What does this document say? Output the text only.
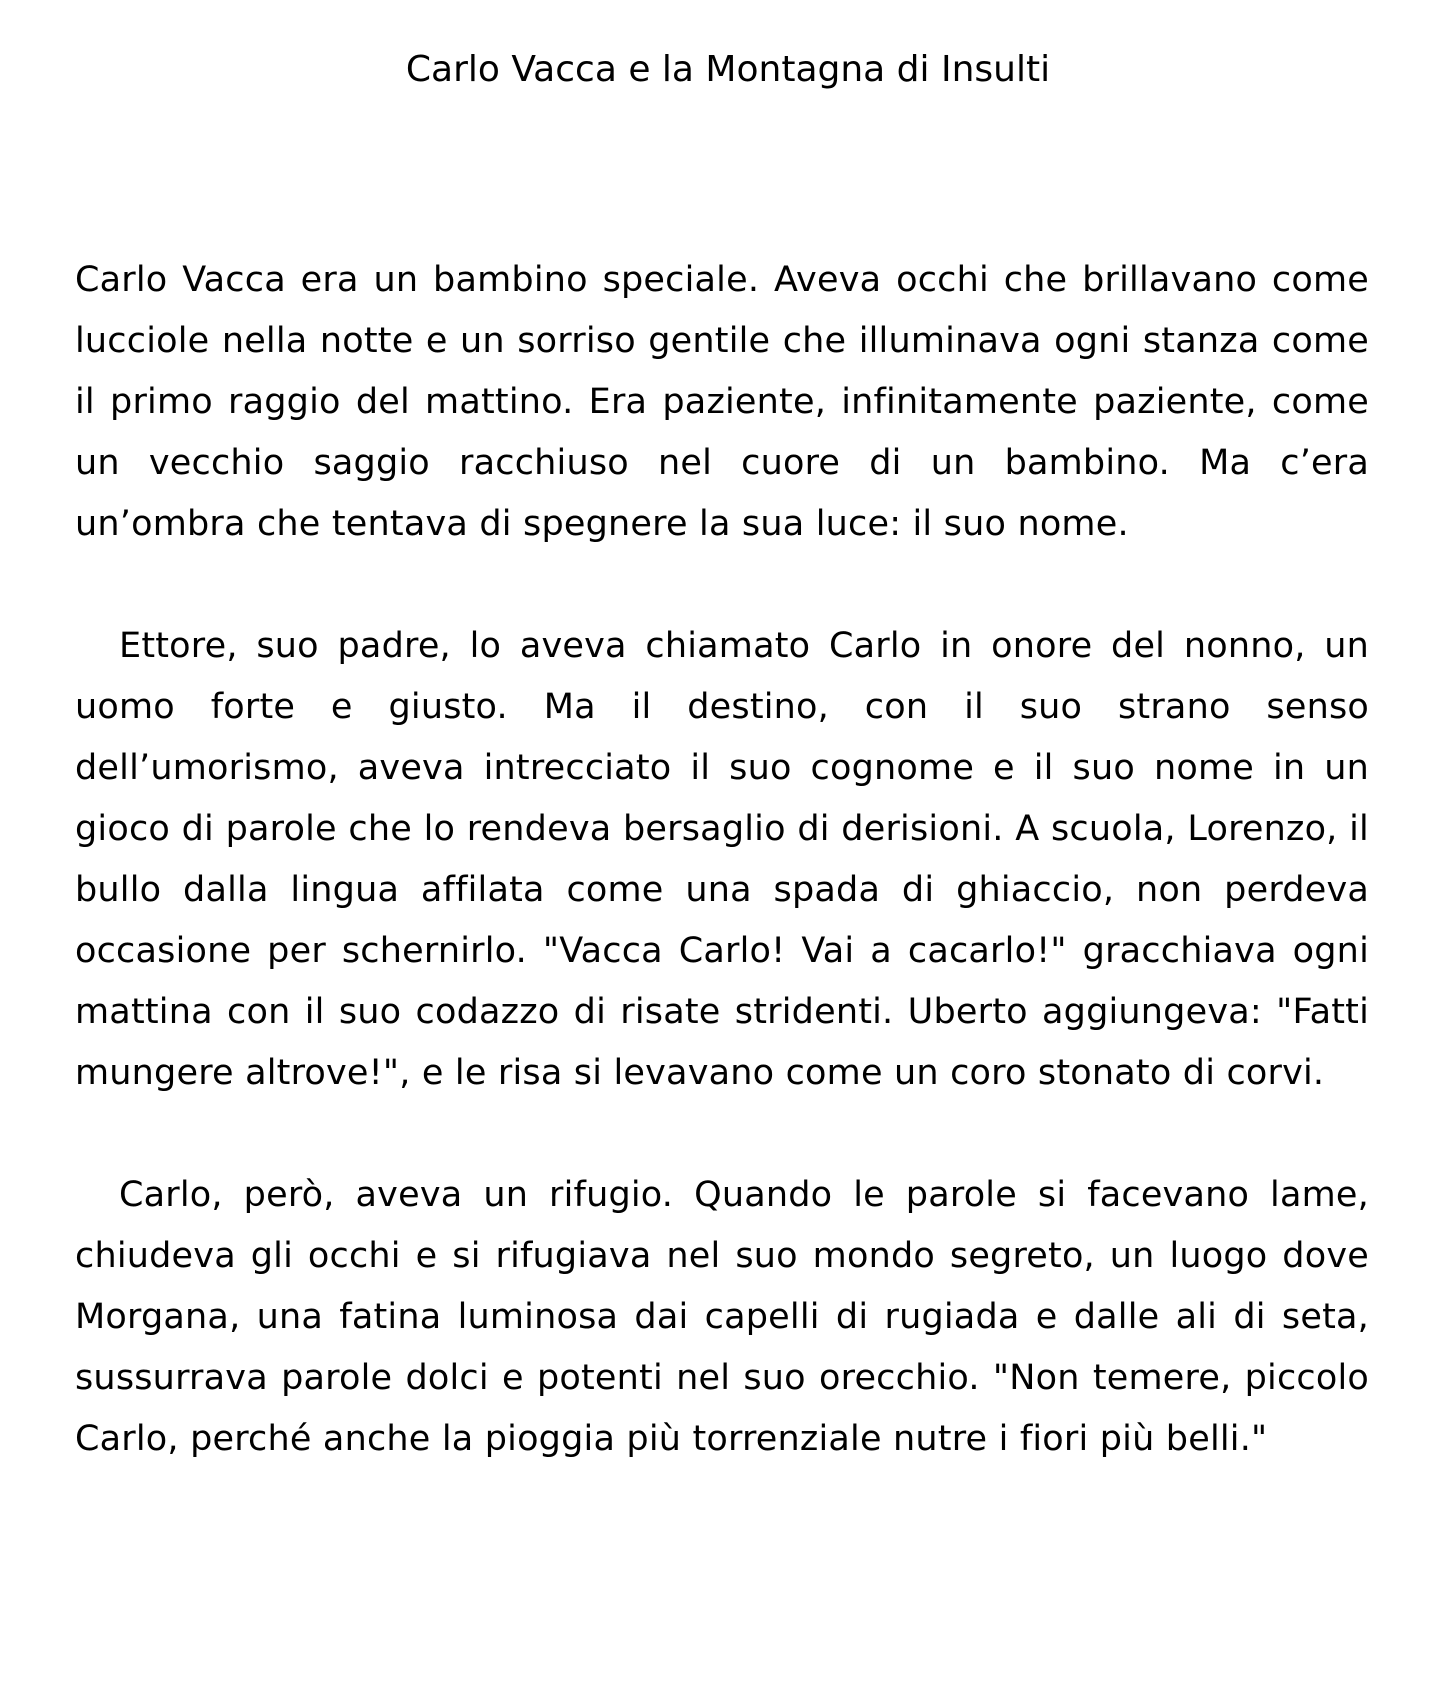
Carlo Vacca e la Montagna di Insulti

Carlo Vacca era un bambino speciale. Aveva occhi che brillavano come lucciole nella notte e un sorriso gentile che illuminava ogni stanza come il primo raggio del mattino. Era paziente, infinitamente paziente, come un vecchio saggio racchiuso nel cuore di un bambino. Ma c’era un’ombra che tentava di spegnere la sua luce: il suo nome.

Ettore, suo padre, lo aveva chiamato Carlo in onore del nonno, un uomo forte e giusto. Ma il destino, con il suo strano senso dell’umorismo, aveva intrecciato il suo cognome e il suo nome in un gioco di parole che lo rendeva bersaglio di derisioni. A scuola, Lorenzo, il bullo dalla lingua affilata come una spada di ghiaccio, non perdeva occasione per schernirlo. "Vacca Carlo! Vai a cacarlo!" gracchiava ogni mattina con il suo codazzo di risate stridenti. Uberto aggiungeva: "Fatti mungere altrove!", e le risa si levavano come un coro stonato di corvi.

Carlo, però, aveva un rifugio. Quando le parole si facevano lame, chiudeva gli occhi e si rifugiava nel suo mondo segreto, un luogo dove Morgana, una fatina luminosa dai capelli di rugiada e dalle ali di seta, sussurrava parole dolci e potenti nel suo orecchio. "Non temere, piccolo Carlo, perché anche la pioggia più torrenziale nutre i fiori più belli."
